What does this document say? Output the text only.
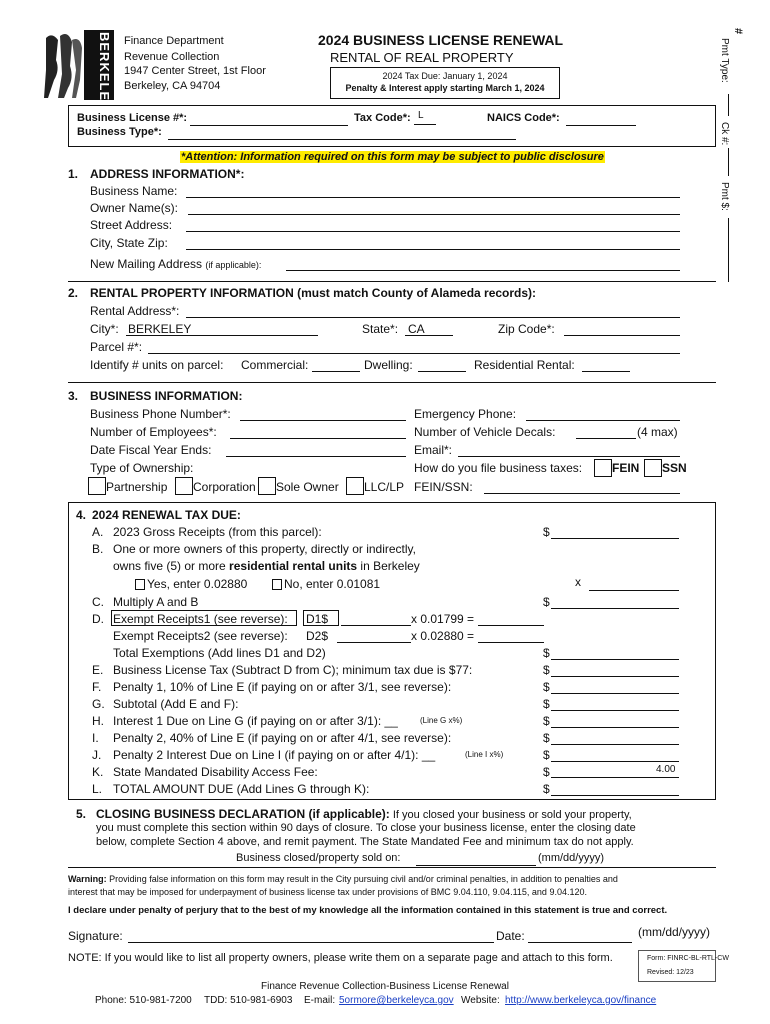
BERKELEY Finance Department
Revenue Collection
1947 Center Street, 1st Floor
Berkeley, CA 94704
2024 BUSINESS LICENSE RENEWAL
RENTAL OF REAL PROPERTY
2024 Tax Due: January 1, 2024
Penalty & Interest apply starting March 1, 2024
#
Pmt Type:
Ck #:
Pmt $:
Business License #*:	Tax Code*: L	NAICS Code*:
Business Type*:
*Attention: Information required on this form may be subject to public disclosure
1. ADDRESS INFORMATION*:
Business Name:
Owner Name(s):
Street Address:
City, State Zip:
New Mailing Address (if applicable):
2. RENTAL PROPERTY INFORMATION (must match County of Alameda records):
Rental Address*:
City*: BERKELEY	State*: CA	Zip Code*:
Parcel #*:
Identify # units on parcel: Commercial:	Dwelling:	Residential Rental:
3. BUSINESS INFORMATION:
Business Phone Number*:	Emergency Phone:
Number of Employees*:	Number of Vehicle Decals:	(4 max)
Date Fiscal Year Ends:	Email*:
Type of Ownership:	How do you file business taxes: FEIN SSN
Partnership Corporation Sole Owner LLC/LP FEIN/SSN:
4. 2024 RENEWAL TAX DUE:
A. 2023 Gross Receipts (from this parcel):	$
B. One or more owners of this property, directly or indirectly,
owns five (5) or more residential rental units in Berkeley
Yes, enter 0.02880	No, enter 0.01081	x
C. Multiply A and B	$
D. Exempt Receipts1 (see reverse): D1$	x 0.01799 =
Exempt Receipts2 (see reverse): D2$	x 0.02880 =
Total Exemptions (Add lines D1 and D2)	$
E. Business License Tax (Subtract D from C); minimum tax due is $77:	$
F. Penalty 1, 10% of Line E (if paying on or after 3/1, see reverse):	$
G. Subtotal (Add E and F):	$
H. Interest 1 Due on Line G (if paying on or after 3/1): __	(Line G x%)	$
I. Penalty 2, 40% of Line E (if paying on or after 4/1, see reverse):	$
J. Penalty 2 Interest Due on Line I (if paying on or after 4/1): __	(Line I x%)	$
K. State Mandated Disability Access Fee:	$	4.00
L. TOTAL AMOUNT DUE (Add Lines G through K):	$
5. CLOSING BUSINESS DECLARATION (if applicable): If you closed your business or sold your property,
you must complete this section within 90 days of closure. To close your business license, enter the closing date
below, complete Section 4 above, and remit payment. The State Mandated Fee and minimum tax do not apply.
Business closed/property sold on:	(mm/dd/yyyy)
Warning: Providing false information on this form may result in the City pursuing civil and/or criminal penalties, in addition to penalties and
interest that may be imposed for underpayment of business license tax under provisions of BMC 9.04.110, 9.04.115, and 9.04.120.
I declare under penalty of perjury that to the best of my knowledge all the information contained in this statement is true and correct.
Signature:	Date:	(mm/dd/yyyy)
NOTE: If you would like to list all property owners, please write them on a separate page and attach to this form.	Form: FINRC-BL-RTL-CW
Revised: 12/23
Finance Revenue Collection-Business License Renewal
Phone: 510-981-7200 TDD: 510-981-6903 E-mail: 5ormore@berkeleyca.gov Website: http://www.berkeleyca.gov/finance
